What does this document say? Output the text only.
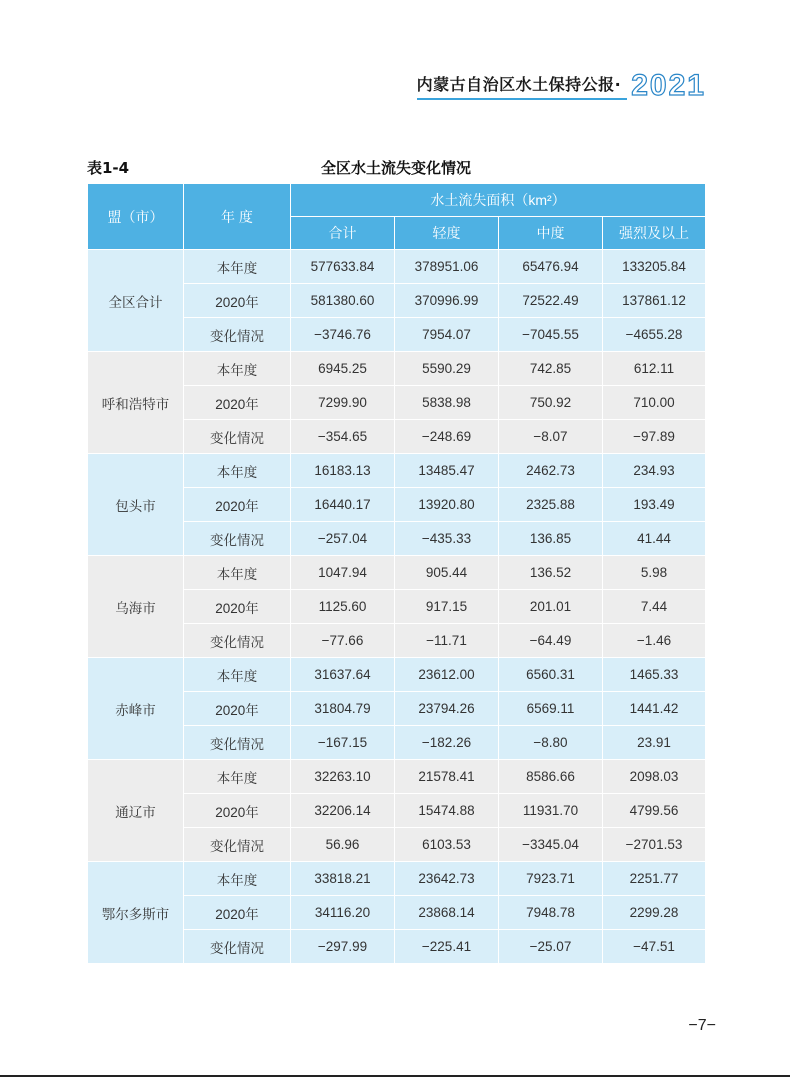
内蒙古自治区水土保持公报· 2021
表1-4	全区水土流失变化情况
盟（市）	年 度	水土流失面积（km²）			
		合计	轻度	中度	强烈及以上
全区合计	本年度	577633.84	378951.06	65476.94	133205.84
	2020年	581380.60	370996.99	72522.49	137861.12
	变化情况	−3746.76	7954.07	−7045.55	−4655.28
呼和浩特市	本年度	6945.25	5590.29	742.85	612.11
	2020年	7299.90	5838.98	750.92	710.00
	变化情况	−354.65	−248.69	−8.07	−97.89
包头市	本年度	16183.13	13485.47	2462.73	234.93
	2020年	16440.17	13920.80	2325.88	193.49
	变化情况	−257.04	−435.33	136.85	41.44
乌海市	本年度	1047.94	905.44	136.52	5.98
	2020年	1125.60	917.15	201.01	7.44
	变化情况	−77.66	−11.71	−64.49	−1.46
赤峰市	本年度	31637.64	23612.00	6560.31	1465.33
	2020年	31804.79	23794.26	6569.11	1441.42
	变化情况	−167.15	−182.26	−8.80	23.91
通辽市	本年度	32263.10	21578.41	8586.66	2098.03
	2020年	32206.14	15474.88	11931.70	4799.56
	变化情况	56.96	6103.53	−3345.04	−2701.53
鄂尔多斯市	本年度	33818.21	23642.73	7923.71	2251.77
	2020年	34116.20	23868.14	7948.78	2299.28
	变化情况	−297.99	−225.41	−25.07	−47.51
−7−
